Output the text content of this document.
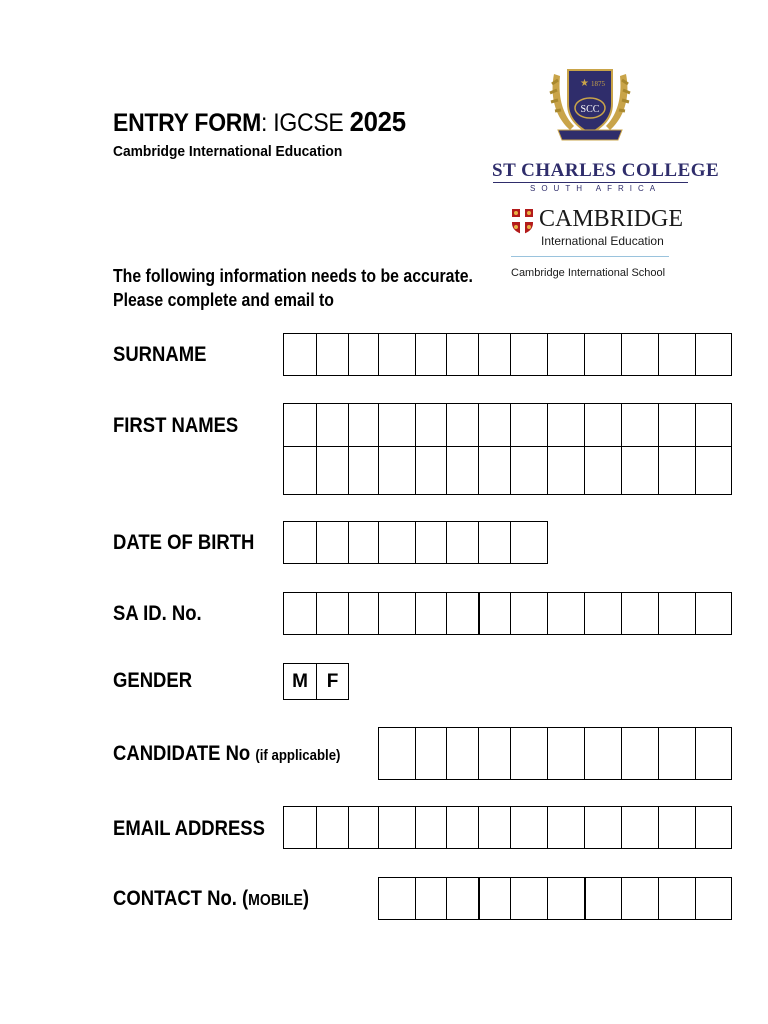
ENTRY FORM: IGCSE 2025
Cambridge International Education
★ 1875
SCC
ST CHARLES COLLEGE
SOUTH AFRICA
CAMBRIDGE
International Education
Cambridge International School
The following information needs to be accurate.
Please complete and email to
SURNAME
FIRST NAMES
DATE OF BIRTH
SA ID. No.
GENDER
CANDIDATE No (if applicable)
EMAIL ADDRESS
CONTACT No. (MOBILE)
M F
